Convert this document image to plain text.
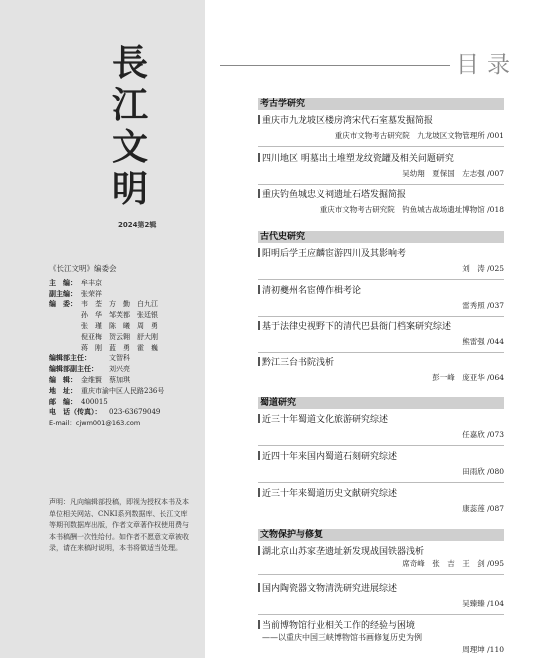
長
江
文
明
2024第2辑
《长江文明》编委会
主　编： 牟丰京
副主编： 张荣祥
编　委： 韦　荃　方　勤　白九江
孙　华　邹芙都　张廷银
张　瑾　陈　曦　周　勇
倪亚梅　贺云翱　舒大刚
蒋　刚　蓝　勇　霍　巍
编辑部主任：	文智科
编辑部副主任：	刘兴亮
编　辑： 金维賢　蔡加琪
地　址： 重庆市渝中区人民路236号
邮　编： 400015
电　话（传真）：	023-63679049
E-mail：cjwm001@163.com
声明：凡向编辑部投稿，即视为授权本书及本单位相关网站、CNKI系列数据库、长江文库等期刊数据库出版，作者文章著作权使用费与本书稿酬一次性给付。如作者不愿意文章被收录，请在来稿时说明，本书将做适当处理。
目录
考古学研究
重庆市九龙坡区楼房湾宋代石室墓发掘简报
重庆市文物考古研究院　九龙坡区文物管理所 /001
四川地区 明墓出土堆塑龙纹瓷罐及相关问题研究
吴幼翔　夏保国　左志强 /007
重庆钓鱼城忠义祠遗址石塔发掘简报
重庆市文物考古研究院　钓鱼城古战场遗址博物馆 /018
古代史研究
阳明后学王应麟宦游四川及其影响考
刘　涛 /025
清初夔州名宦傅作楫考论
雷秀照 /037
基于法律史视野下的清代巴县衙门档案研究综述
熊雷强 /044
黔江三台书院浅析
彭一峰　庞亚华 /064
蜀道研究
近三十年蜀道文化旅游研究综述
任嘉欣 /073
近四十年来国内蜀道石刻研究综述
田雨欣 /080
近三十年来蜀道历史文献研究综述
康蕊莲 /087
文物保护与修复
湖北京山苏家垄遗址新发现战国铁器浅析
席奇峰　张　吉　王　剑 /095
国内陶瓷器文物清洗研究进展综述
吴臻臻 /104
当前博物馆行业相关工作的经验与困境
——以重庆中国三峡博物馆书画修复历史为例
周理坤 /110
